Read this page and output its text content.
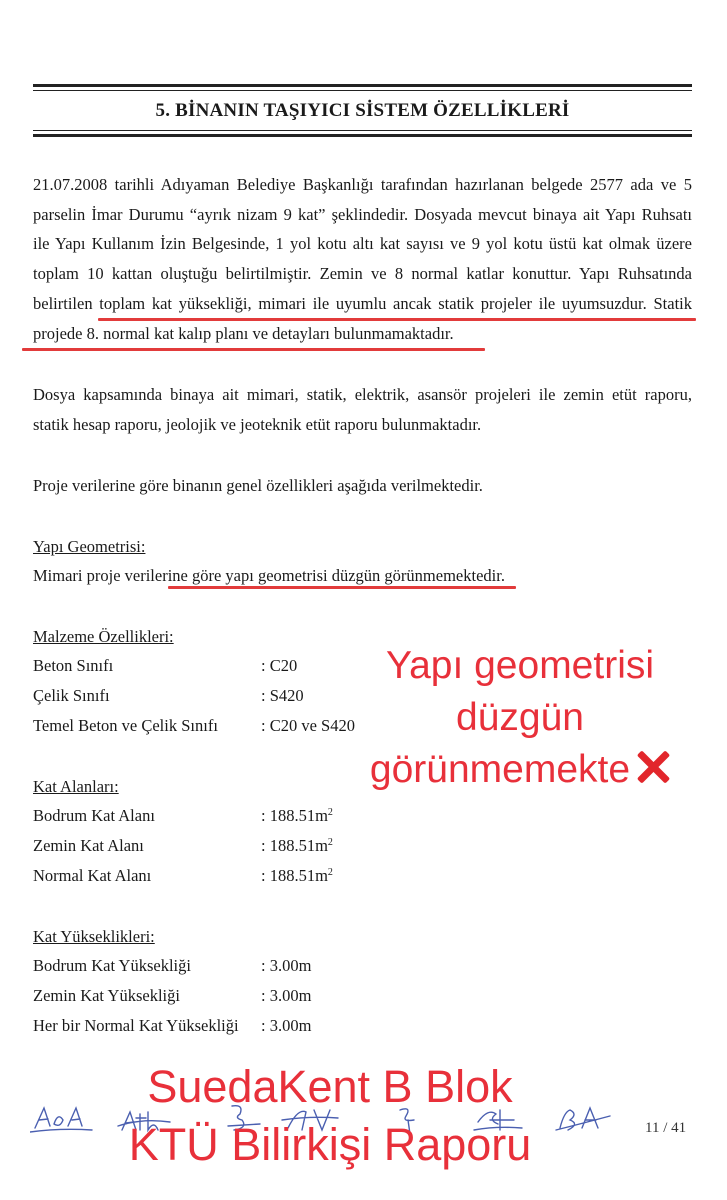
5. BİNANIN TAŞIYICI SİSTEM ÖZELLİKLERİ
21.07.2008 tarihli Adıyaman Belediye Başkanlığı tarafından hazırlanan belgede 2577 ada ve 5
parselin İmar Durumu “ayrık nizam 9 kat” şeklindedir. Dosyada mevcut binaya ait Yapı Ruhsatı
ile Yapı Kullanım İzin Belgesinde, 1 yol kotu altı kat sayısı ve 9 yol kotu üstü kat olmak üzere
toplam 10 kattan oluştuğu belirtilmiştir. Zemin ve 8 normal katlar konuttur. Yapı Ruhsatında
belirtilen toplam kat yüksekliği, mimari ile uyumlu ancak statik projeler ile uyumsuzdur. Statik
projede 8. normal kat kalıp planı ve detayları bulunmamaktadır.
Dosya kapsamında binaya ait mimari, statik, elektrik, asansör projeleri ile zemin etüt raporu,
statik hesap raporu, jeolojik ve jeoteknik etüt raporu bulunmaktadır.
Proje verilerine göre binanın genel özellikleri aşağıda verilmektedir.
Yapı Geometrisi:
Mimari proje verilerine göre yapı geometrisi düzgün görünmemektedir.
Malzeme Özellikleri:
Beton Sınıfı	: C20
Çelik Sınıfı	: S420
Temel Beton ve Çelik Sınıfı	: C20 ve S420
Kat Alanları:
Bodrum Kat Alanı	: $188.51m^2$
Zemin Kat Alanı	: $188.51m^2$
Normal Kat Alanı	: $188.51m^2$
Kat Yükseklikleri:
Bodrum Kat Yüksekliği	: 3.00m
Zemin Kat Yüksekliği	: 3.00m
Her bir Normal Kat Yüksekliği : 3.00m
11 / 41
Yapı geometrisi
düzgün
görünmemekte
SuedaKent B Blok
KTÜ Bilirkişi Raporu
